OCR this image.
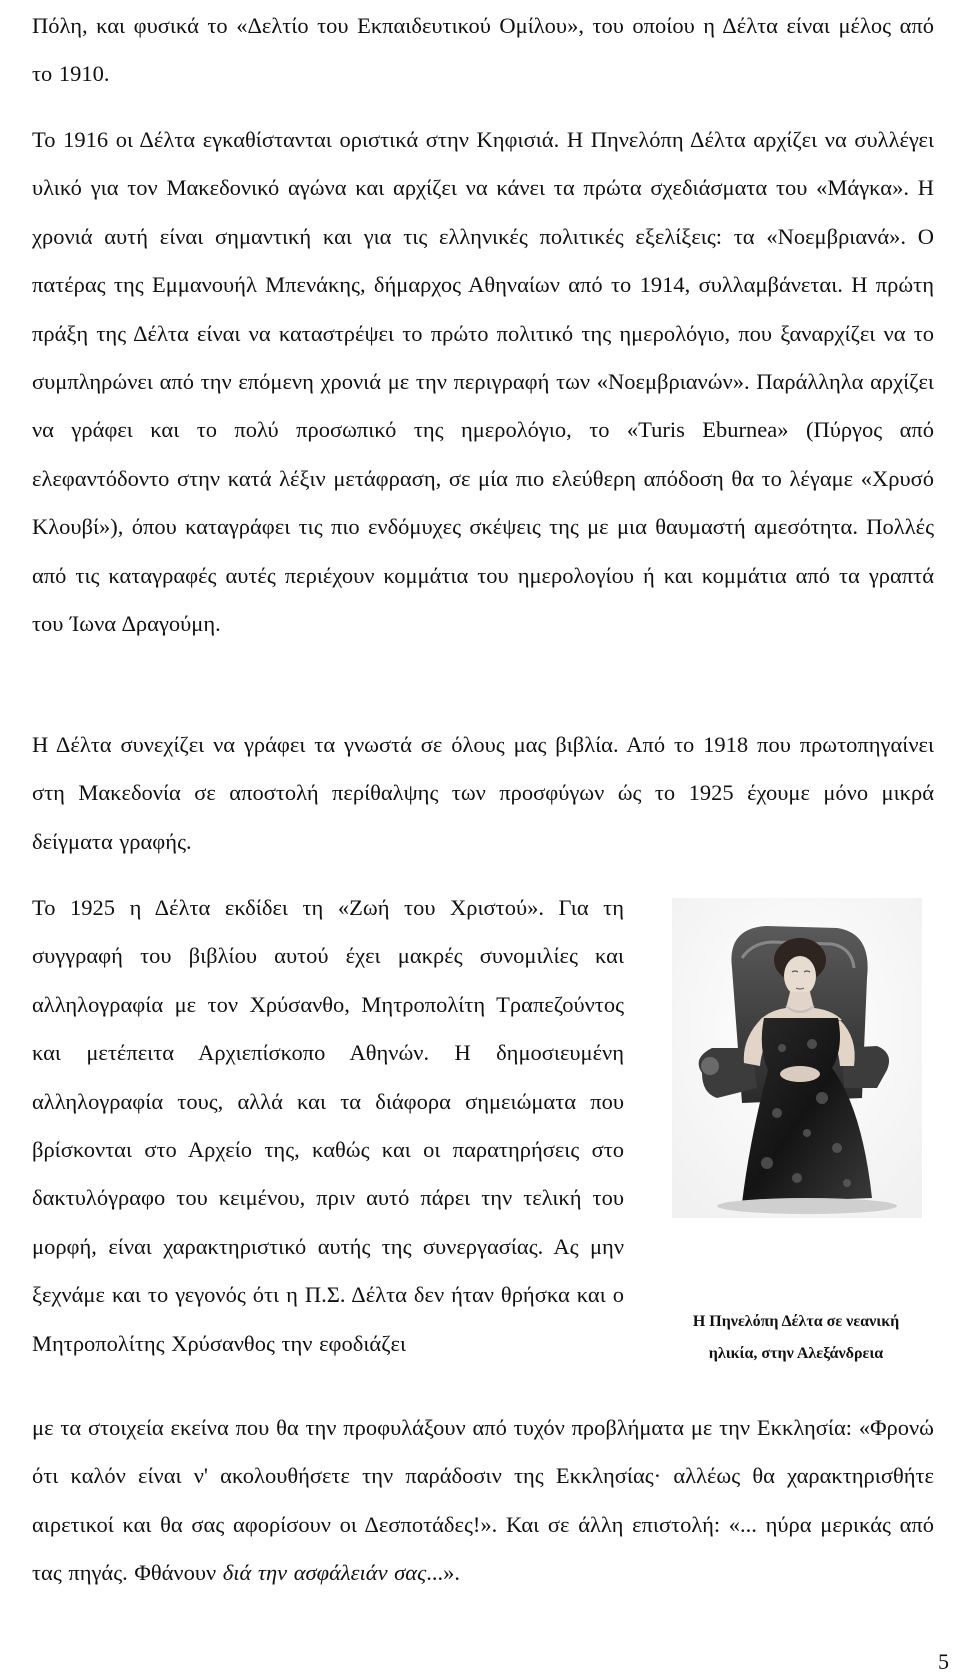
Πόλη, και φυσικά το «Δελτίο του Εκπαιδευτικού Ομίλου», του οποίου η Δέλτα είναι μέλος από το 1910.

Το 1916 οι Δέλτα εγκαθίστανται οριστικά στην Κηφισιά. Η Πηνελόπη Δέλτα αρχίζει να συλλέγει υλικό για τον Μακεδονικό αγώνα και αρχίζει να κάνει τα πρώτα σχεδιάσματα του «Μάγκα». Η χρονιά αυτή είναι σημαντική και για τις ελληνικές πολιτικές εξελίξεις: τα «Νοεμβριανά». Ο πατέρας της Εμμανουήλ Μπενάκης, δήμαρχος Αθηναίων από το 1914, συλλαμβάνεται. Η πρώτη πράξη της Δέλτα είναι να καταστρέψει το πρώτο πολιτικό της ημερολόγιο, που ξαναρχίζει να το συμπληρώνει από την επόμενη χρονιά με την περιγραφή των «Νοεμβριανών». Παράλληλα αρχίζει να γράφει και το πολύ προσωπικό της ημερολόγιο, το «Turis Eburnea» (Πύργος από ελεφαντόδοντο στην κατά λέξιν μετάφραση, σε μία πιο ελεύθερη απόδοση θα το λέγαμε «Χρυσό Κλουβί»), όπου καταγράφει τις πιο ενδόμυχες σκέψεις της με μια θαυμαστή αμεσότητα. Πολλές από τις καταγραφές αυτές περιέχουν κομμάτια του ημερολογίου ή και κομμάτια από τα γραπτά του Ίωνα Δραγούμη.

Η Δέλτα συνεχίζει να γράφει τα γνωστά σε όλους μας βιβλία. Από το 1918 που πρωτοπηγαίνει στη Μακεδονία σε αποστολή περίθαλψης των προσφύγων ώς το 1925 έχουμε μόνο μικρά δείγματα γραφής.

Το 1925 η Δέλτα εκδίδει τη «Ζωή του Χριστού». Για τη συγγραφή του βιβλίου αυτού έχει μακρές συνομιλίες και αλληλογραφία με τον Χρύσανθο, Μητροπολίτη Τραπεζούντος και μετέπειτα Αρχιεπίσκοπο Αθηνών. Η δημοσιευμένη αλληλογραφία τους, αλλά και τα διάφορα σημειώματα που βρίσκονται στο Αρχείο της, καθώς και οι παρατηρήσεις στο δακτυλόγραφο του κειμένου, πριν αυτό πάρει την τελική του μορφή, είναι χαρακτηριστικό αυτής της συνεργασίας. Ας μην ξεχνάμε και το γεγονός ότι η Π.Σ. Δέλτα δεν ήταν θρήσκα και ο Μητροπολίτης Χρύσανθος την εφοδιάζει

Η Πηνελόπη Δέλτα σε νεανική
ηλικία, στην Αλεξάνδρεια

με τα στοιχεία εκείνα που θα την προφυλάξουν από τυχόν προβλήματα με την Εκκλησία: «Φρονώ ότι καλόν είναι ν' ακολουθήσετε την παράδοσιν της Εκκλησίας· αλλέως θα χαρακτηρισθήτε αιρετικοί και θα σας αφορίσουν οι Δεσποτάδες!». Και σε άλλη επιστολή: «... ηύρα μερικάς από τας πηγάς. Φθάνουν διά την ασφάλειάν σας...».

5
